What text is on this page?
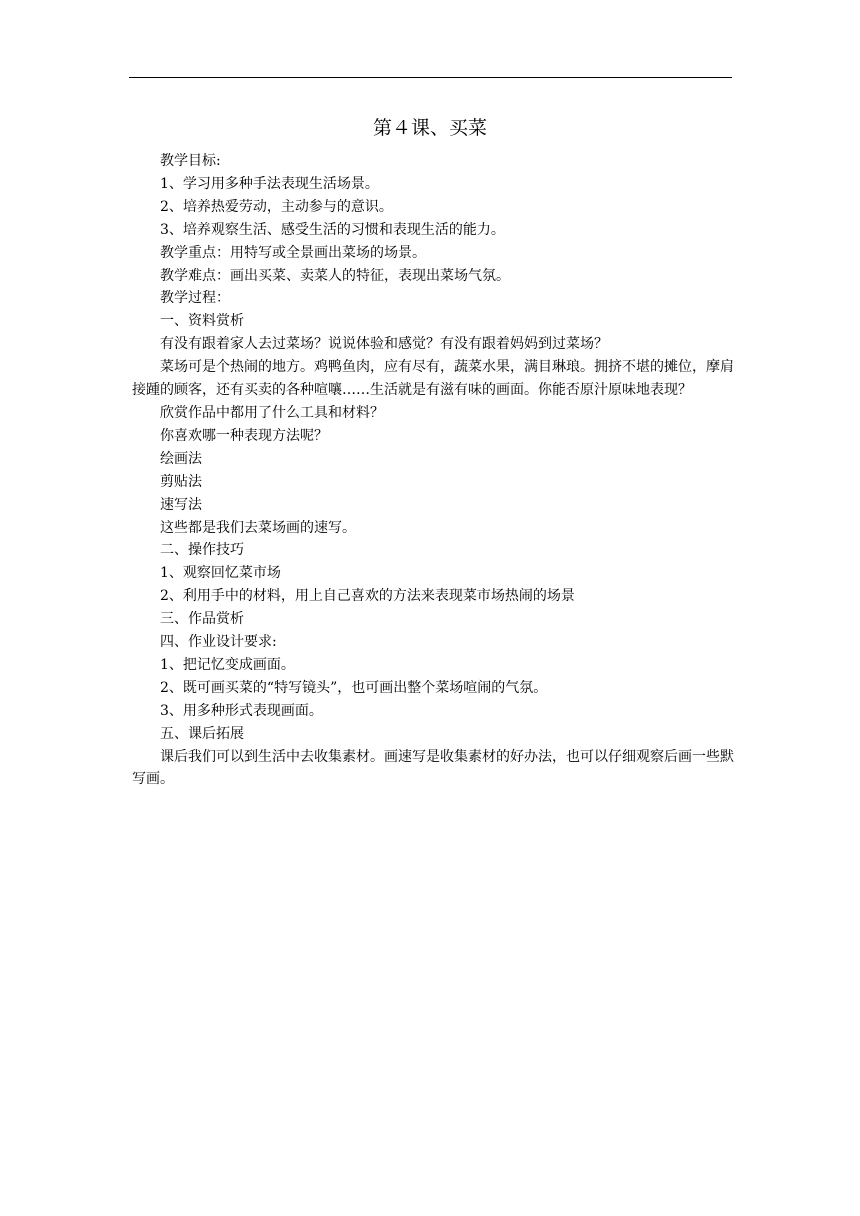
第４课、买菜

教学目标:

1、学习用多种手法表现生活场景。

2、培养热爱劳动，主动参与的意识。

3、培养观察生活、感受生活的习惯和表现生活的能力。

教学重点：用特写或全景画出菜场的场景。

教学难点：画出买菜、卖菜人的特征，表现出菜场气氛。

教学过程：

一、资料赏析

有没有跟着家人去过菜场？说说体验和感觉？有没有跟着妈妈到过菜场？

菜场可是个热闹的地方。鸡鸭鱼肉，应有尽有，蔬菜水果，满目琳琅。拥挤不堪的摊位，摩肩接踵的顾客，还有买卖的各种喧嚷……生活就是有滋有味的画面。你能否原汁原味地表现？

欣赏作品中都用了什么工具和材料？

你喜欢哪一种表现方法呢？

绘画法

剪贴法

速写法

这些都是我们去菜场画的速写。

二、操作技巧

1、观察回忆菜市场

2、利用手中的材料，用上自己喜欢的方法来表现菜市场热闹的场景

三、作品赏析

四、作业设计要求:

1、把记忆变成画面。

2、既可画买菜的“特写镜头”，也可画出整个菜场喧闹的气氛。

3、用多种形式表现画面。

五、课后拓展

课后我们可以到生活中去收集素材。画速写是收集素材的好办法，也可以仔细观察后画一些默写画。
